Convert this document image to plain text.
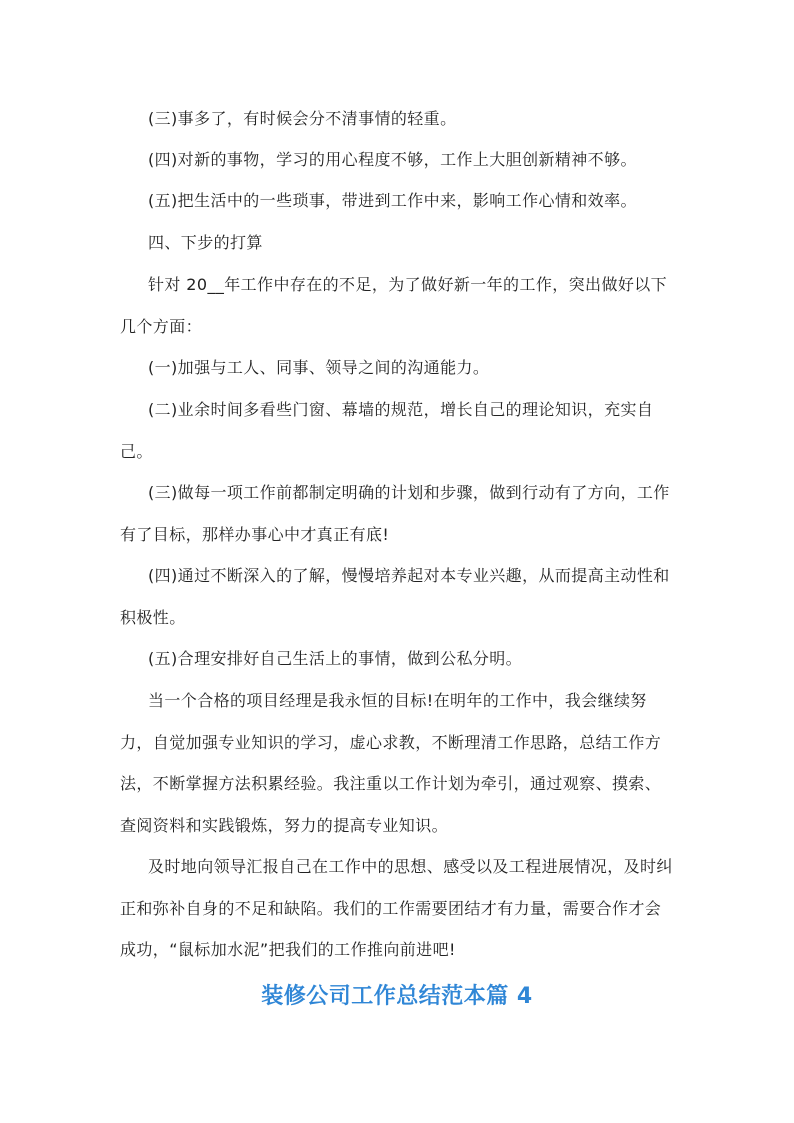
(三)事多了，有时候会分不清事情的轻重。

(四)对新的事物，学习的用心程度不够，工作上大胆创新精神不够。

(五)把生活中的一些琐事，带进到工作中来，影响工作心情和效率。

四、下步的打算

针对 20__年工作中存在的不足，为了做好新一年的工作，突出做好以下几个方面：

(一)加强与工人、同事、领导之间的沟通能力。

(二)业余时间多看些门窗、幕墙的规范，增长自己的理论知识，充实自己。

(三)做每一项工作前都制定明确的计划和步骤，做到行动有了方向，工作有了目标，那样办事心中才真正有底!

(四)通过不断深入的了解，慢慢培养起对本专业兴趣，从而提高主动性和积极性。

(五)合理安排好自己生活上的事情，做到公私分明。

当一个合格的项目经理是我永恒的目标!在明年的工作中，我会继续努力，自觉加强专业知识的学习，虚心求教，不断理清工作思路，总结工作方法，不断掌握方法积累经验。我注重以工作计划为牵引，通过观察、摸索、查阅资料和实践锻炼，努力的提高专业知识。

及时地向领导汇报自己在工作中的思想、感受以及工程进展情况，及时纠正和弥补自身的不足和缺陷。我们的工作需要团结才有力量，需要合作才会成功，“鼠标加水泥”把我们的工作推向前进吧!

装修公司工作总结范本篇 4
